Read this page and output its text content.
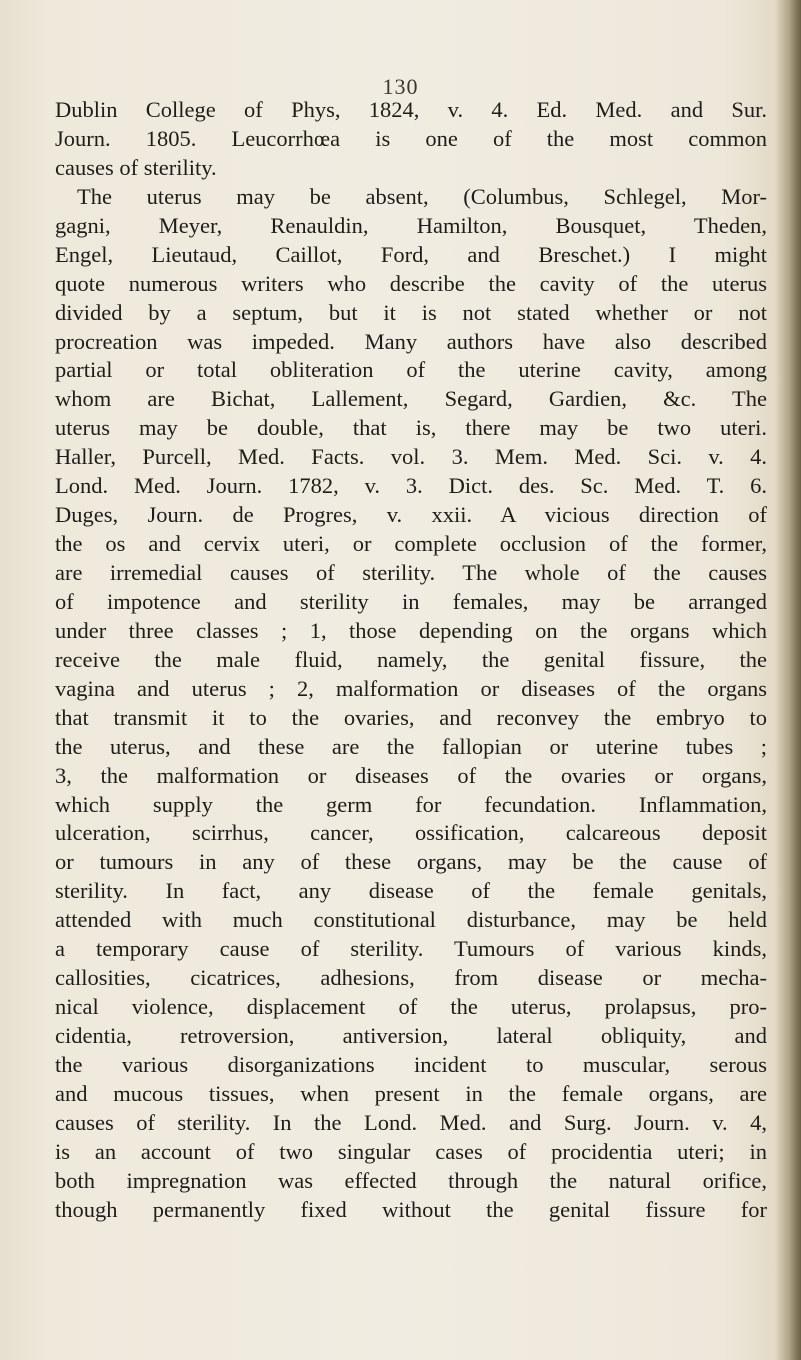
130
Dublin College of Phys, 1824, v. 4. Ed. Med. and Sur.
Journ. 1805. Leucorrhœa is one of the most common
causes of sterility.
The uterus may be absent, (Columbus, Schlegel, Mor-
gagni, Meyer, Renauldin, Hamilton, Bousquet, Theden,
Engel, Lieutaud, Caillot, Ford, and Breschet.) I might
quote numerous writers who describe the cavity of the uterus
divided by a septum, but it is not stated whether or not
procreation was impeded. Many authors have also described
partial or total obliteration of the uterine cavity, among
whom are Bichat, Lallement, Segard, Gardien, &c. The
uterus may be double, that is, there may be two uteri.
Haller, Purcell, Med. Facts. vol. 3. Mem. Med. Sci. v. 4.
Lond. Med. Journ. 1782, v. 3. Dict. des. Sc. Med. T. 6.
Duges, Journ. de Progres, v. xxii. A vicious direction of
the os and cervix uteri, or complete occlusion of the former,
are irremedial causes of sterility. The whole of the causes
of impotence and sterility in females, may be arranged
under three classes ; 1, those depending on the organs which
receive the male fluid, namely, the genital fissure, the
vagina and uterus ; 2, malformation or diseases of the organs
that transmit it to the ovaries, and reconvey the embryo to
the uterus, and these are the fallopian or uterine tubes ;
3, the malformation or diseases of the ovaries or organs,
which supply the germ for fecundation. Inflammation,
ulceration, scirrhus, cancer, ossification, calcareous deposit
or tumours in any of these organs, may be the cause of
sterility. In fact, any disease of the female genitals,
attended with much constitutional disturbance, may be held
a temporary cause of sterility. Tumours of various kinds,
callosities, cicatrices, adhesions, from disease or mecha-
nical violence, displacement of the uterus, prolapsus, pro-
cidentia, retroversion, antiversion, lateral obliquity, and
the various disorganizations incident to muscular, serous
and mucous tissues, when present in the female organs, are
causes of sterility. In the Lond. Med. and Surg. Journ. v. 4,
is an account of two singular cases of procidentia uteri; in
both impregnation was effected through the natural orifice,
though permanently fixed without the genital fissure for
